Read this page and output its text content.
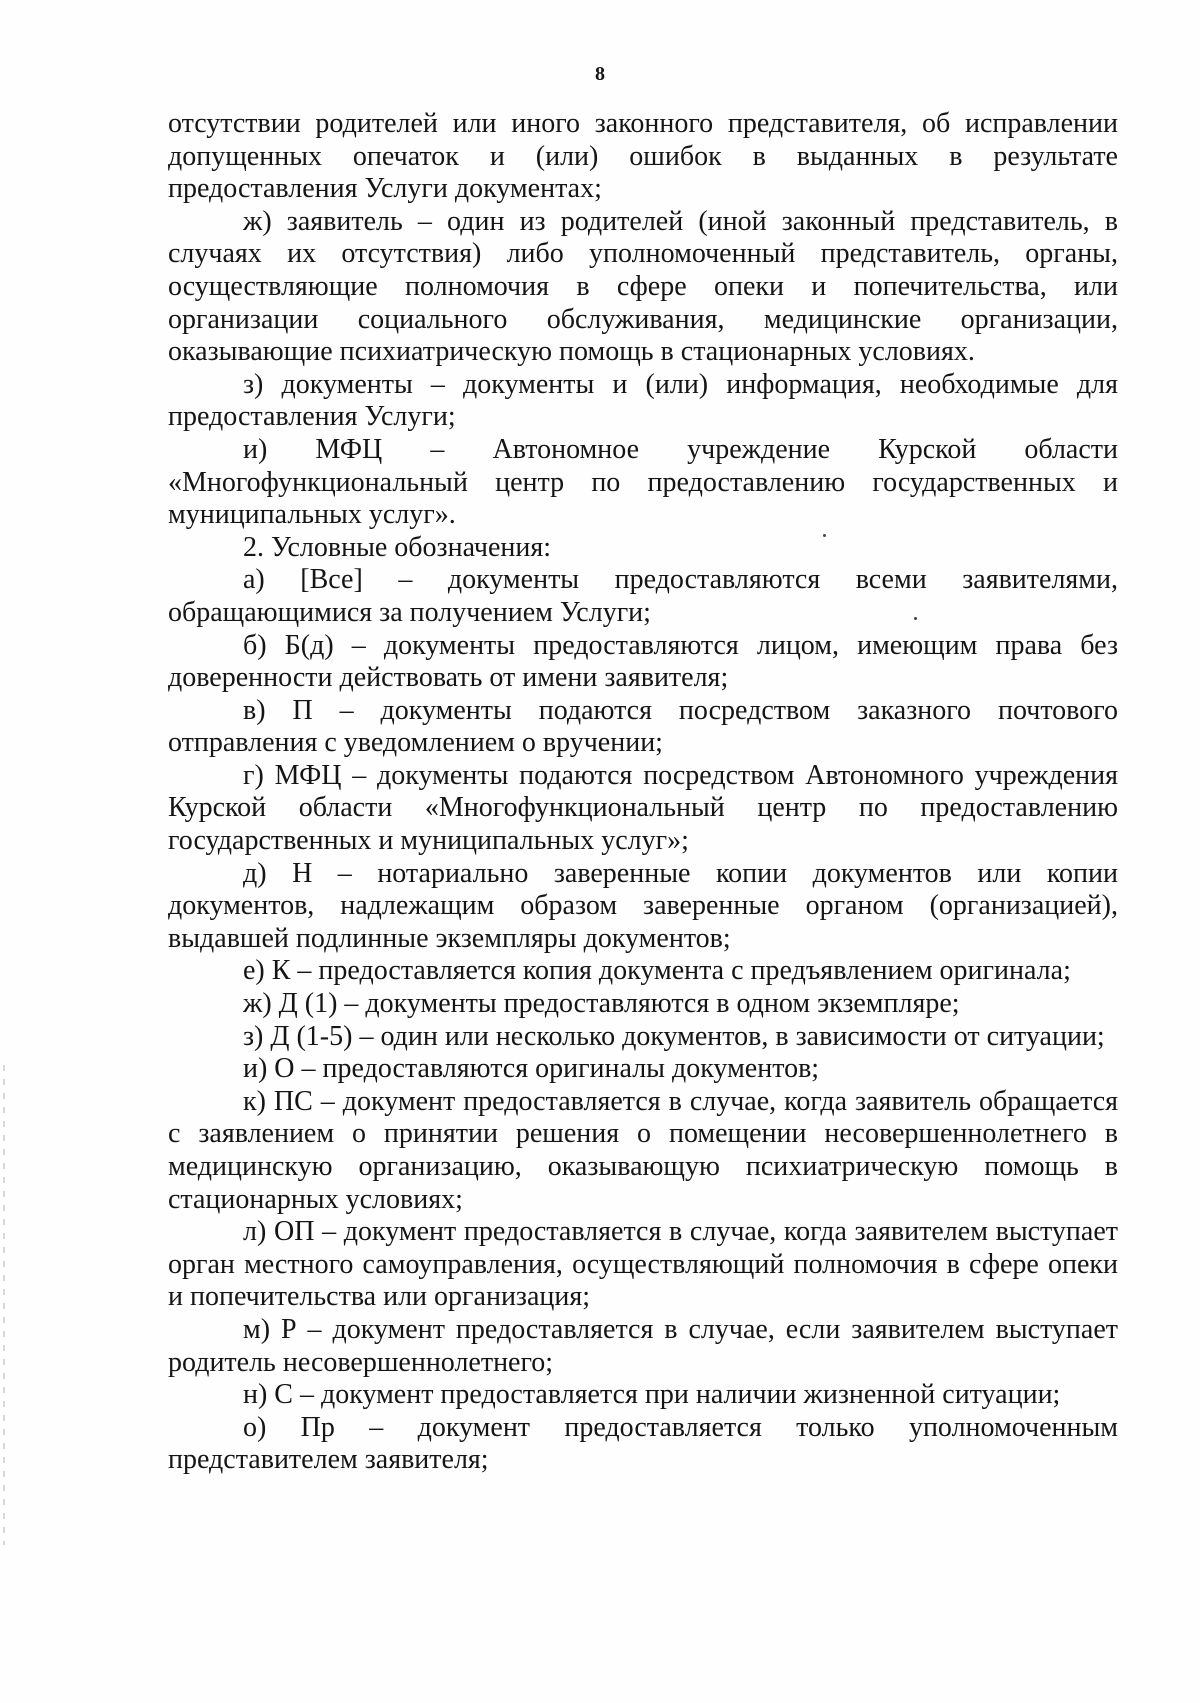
8

отсутствии родителей или иного законного представителя, об исправлении допущенных опечаток и (или) ошибок в выданных в результате предоставления Услуги документах;

ж) заявитель – один из родителей (иной законный представитель, в случаях их отсутствия) либо уполномоченный представитель, органы, осуществляющие полномочия в сфере опеки и попечительства, или организации социального обслуживания, медицинские организации, оказывающие психиатрическую помощь в стационарных условиях.

з) документы – документы и (или) информация, необходимые для предоставления Услуги;

и) МФЦ – Автономное учреждение Курской области «Многофункциональный центр по предоставлению государственных и муниципальных услуг».

2. Условные обозначения:

а) [Все] – документы предоставляются всеми заявителями, обращающимися за получением Услуги;

б) Б(д) – документы предоставляются лицом, имеющим права без доверенности действовать от имени заявителя;

в) П – документы подаются посредством заказного почтового отправления с уведомлением о вручении;

г) МФЦ – документы подаются посредством Автономного учреждения Курской области «Многофункциональный центр по предоставлению государственных и муниципальных услуг»;

д) Н – нотариально заверенные копии документов или копии документов, надлежащим образом заверенные органом (организацией), выдавшей подлинные экземпляры документов;

е) К – предоставляется копия документа с предъявлением оригинала;

ж) Д (1) – документы предоставляются в одном экземпляре;

з) Д (1-5) – один или несколько документов, в зависимости от ситуации;

и) О – предоставляются оригиналы документов;

к) ПС – документ предоставляется в случае, когда заявитель обращается с заявлением о принятии решения о помещении несовершеннолетнего в медицинскую организацию, оказывающую психиатрическую помощь в стационарных условиях;

л) ОП – документ предоставляется в случае, когда заявителем выступает орган местного самоуправления, осуществляющий полномочия в сфере опеки и попечительства или организация;

м) Р – документ предоставляется в случае, если заявителем выступает родитель несовершеннолетнего;

н) С – документ предоставляется при наличии жизненной ситуации;

о) Пр – документ предоставляется только уполномоченным представителем заявителя;
